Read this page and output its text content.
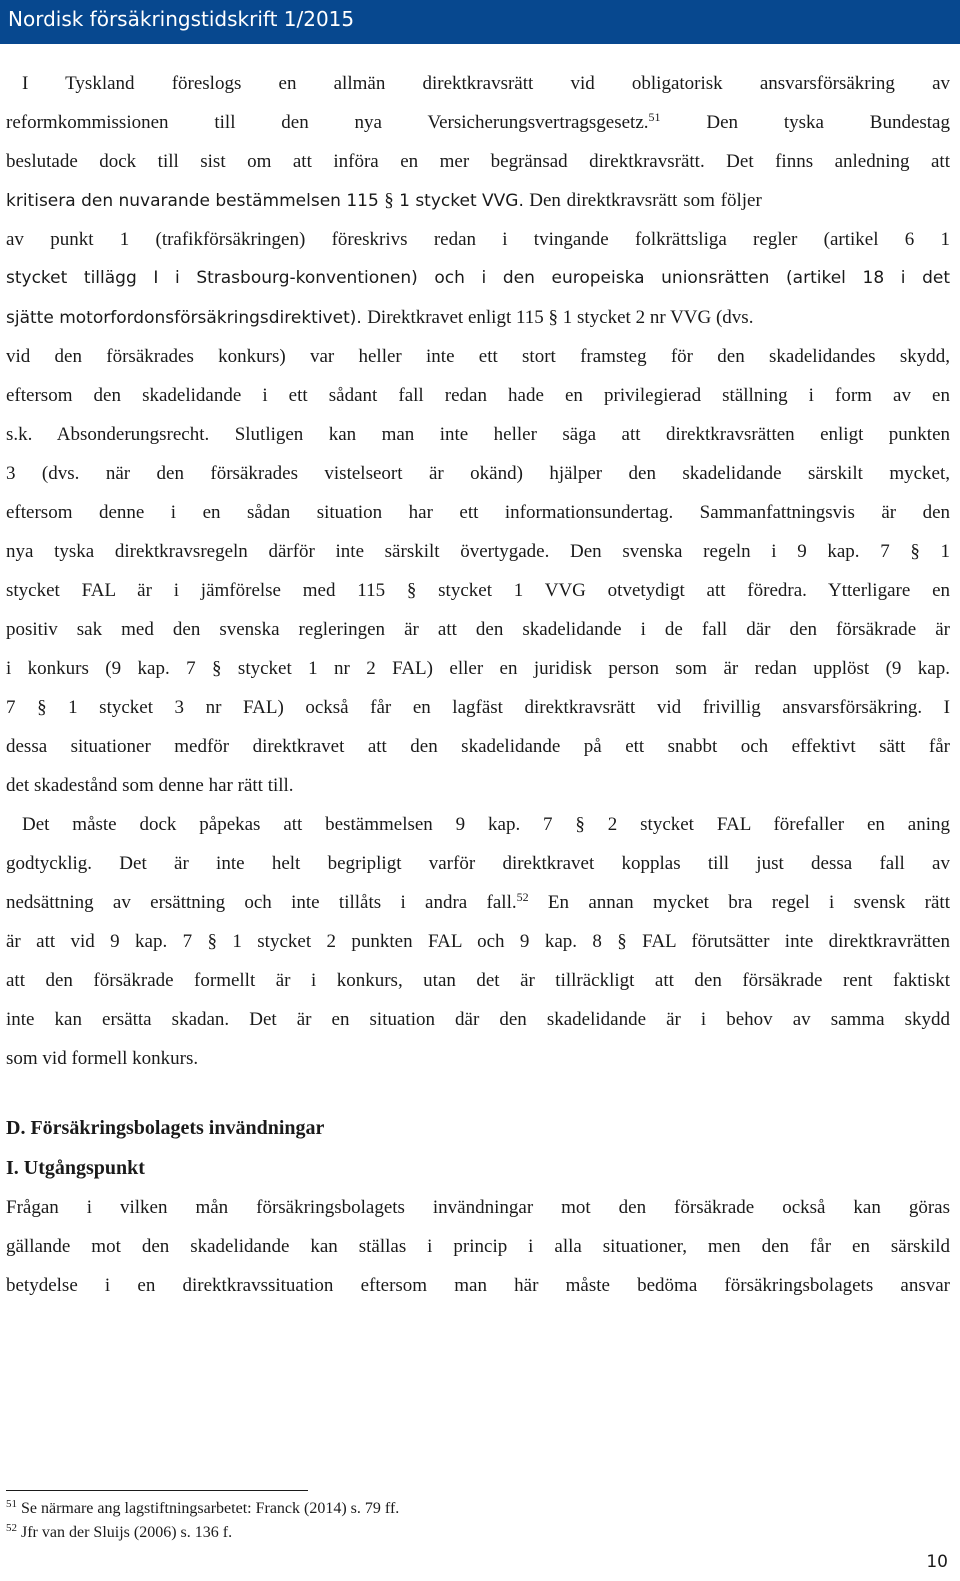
Nordisk försäkringstidskrift 1/2015
I Tyskland föreslogs en allmän direktkravsrätt vid obligatorisk ansvarsförsäkring av
reformkommissionen till den nya Versicherungsvertragsgesetz.$^{51}$ Den tyska Bundestag
beslutade dock till sist om att införa en mer begränsad direktkravsrätt. Det finns anledning att
kritisera den nuvarande bestämmelsen 115 § 1 stycket VVG. Den direktkravsrätt som följer
av punkt 1 (trafikförsäkringen) föreskrivs redan i tvingande folkrättsliga regler (artikel 6 1
stycket tillägg I i Strasbourg-konventionen) och i den europeiska unionsrätten (artikel 18 i det
sjätte motorfordonsförsäkringsdirektivet). Direktkravet enligt 115 § 1 stycket 2 nr VVG (dvs.
vid den försäkrades konkurs) var heller inte ett stort framsteg för den skadelidandes skydd,
eftersom den skadelidande i ett sådant fall redan hade en privilegierad ställning i form av en
s.k. Absonderungsrecht. Slutligen kan man inte heller säga att direktkravsrätten enligt punkten
3 (dvs. när den försäkrades vistelseort är okänd) hjälper den skadelidande särskilt mycket,
eftersom denne i en sådan situation har ett informationsundertag. Sammanfattningsvis är den
nya tyska direktkravsregeln därför inte särskilt övertygade. Den svenska regeln i 9 kap. 7 § 1
stycket FAL är i jämförelse med 115 § stycket 1 VVG otvetydigt att föredra. Ytterligare en
positiv sak med den svenska regleringen är att den skadelidande i de fall där den försäkrade är
i konkurs (9 kap. 7 § stycket 1 nr 2 FAL) eller en juridisk person som är redan upplöst (9 kap.
7 § 1 stycket 3 nr FAL) också får en lagfäst direktkravsrätt vid frivillig ansvarsförsäkring. I
dessa situationer medför direktkravet att den skadelidande på ett snabbt och effektivt sätt får
det skadestånd som denne har rätt till.
Det måste dock påpekas att bestämmelsen 9 kap. 7 § 2 stycket FAL förefaller en aning
godtycklig. Det är inte helt begripligt varför direktkravet kopplas till just dessa fall av
nedsättning av ersättning och inte tillåts i andra fall.$^{52}$ En annan mycket bra regel i svensk rätt
är att vid 9 kap. 7 § 1 stycket 2 punkten FAL och 9 kap. 8 § FAL förutsätter inte direktkravrätten
att den försäkrade formellt är i konkurs, utan det är tillräckligt att den försäkrade rent faktiskt
inte kan ersätta skadan. Det är en situation där den skadelidande är i behov av samma skydd
som vid formell konkurs.
D. Försäkringsbolagets invändningar
I. Utgångspunkt
Frågan i vilken mån försäkringsbolagets invändningar mot den försäkrade också kan göras
gällande mot den skadelidande kan ställas i princip i alla situationer, men den får en särskild
betydelse i en direktkravssituation eftersom man här måste bedöma försäkringsbolagets ansvar
$^{51}$ Se närmare ang lagstiftningsarbetet: Franck (2014) s. 79 ff.
$^{52}$ Jfr van der Sluijs (2006) s. 136 f.
10
